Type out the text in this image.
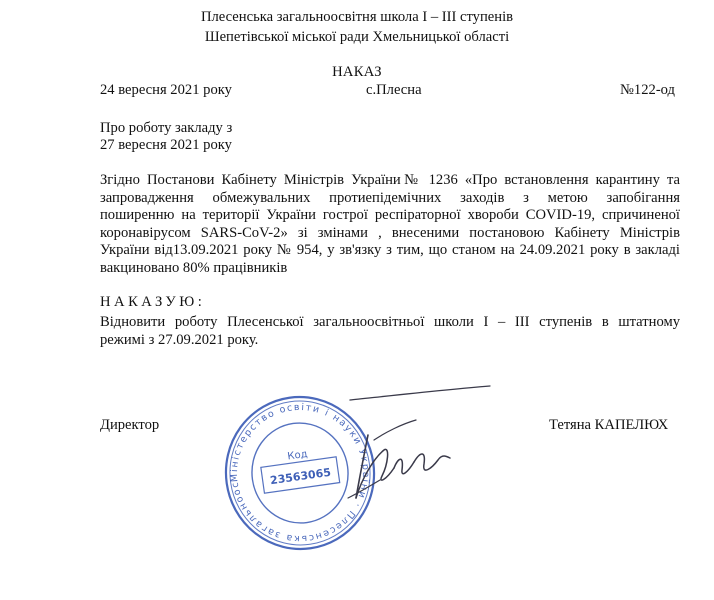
Плесенська загальноосвітня школа І – ІІІ ступенів
Шепетівської міської ради Хмельницької області
НАКАЗ
24 вересня 2021 року	с.Плесна	№122-од
Про роботу закладу з
27 вересня 2021 року
Згідно Постанови Кабінету Міністрів України№ 1236 «Про встановлення карантину та
запровадження обмежувальних протиепідемічних заходів з метою запобігання
поширенню на території України гострої респіраторної хвороби COVID-19, спричиненої
коронавірусом SARS-CoV-2» зі змінами , внесеними постановою Кабінету Міністрів
України від13.09.2021 року № 954, у зв'язку з тим, що станом на 24.09.2021 року в закладі
вакциновано 80% працівників
НАКАЗУЮ:
Відновити роботу Плесенської загальноосвітньої школи І – ІІІ ступенів в штатному
режимі з 27.09.2021 року.
Директор	Тетяна КАПЕЛЮХ
Міністерство освіти і науки України · Плесенська загальноосвітня
Код
23563065
